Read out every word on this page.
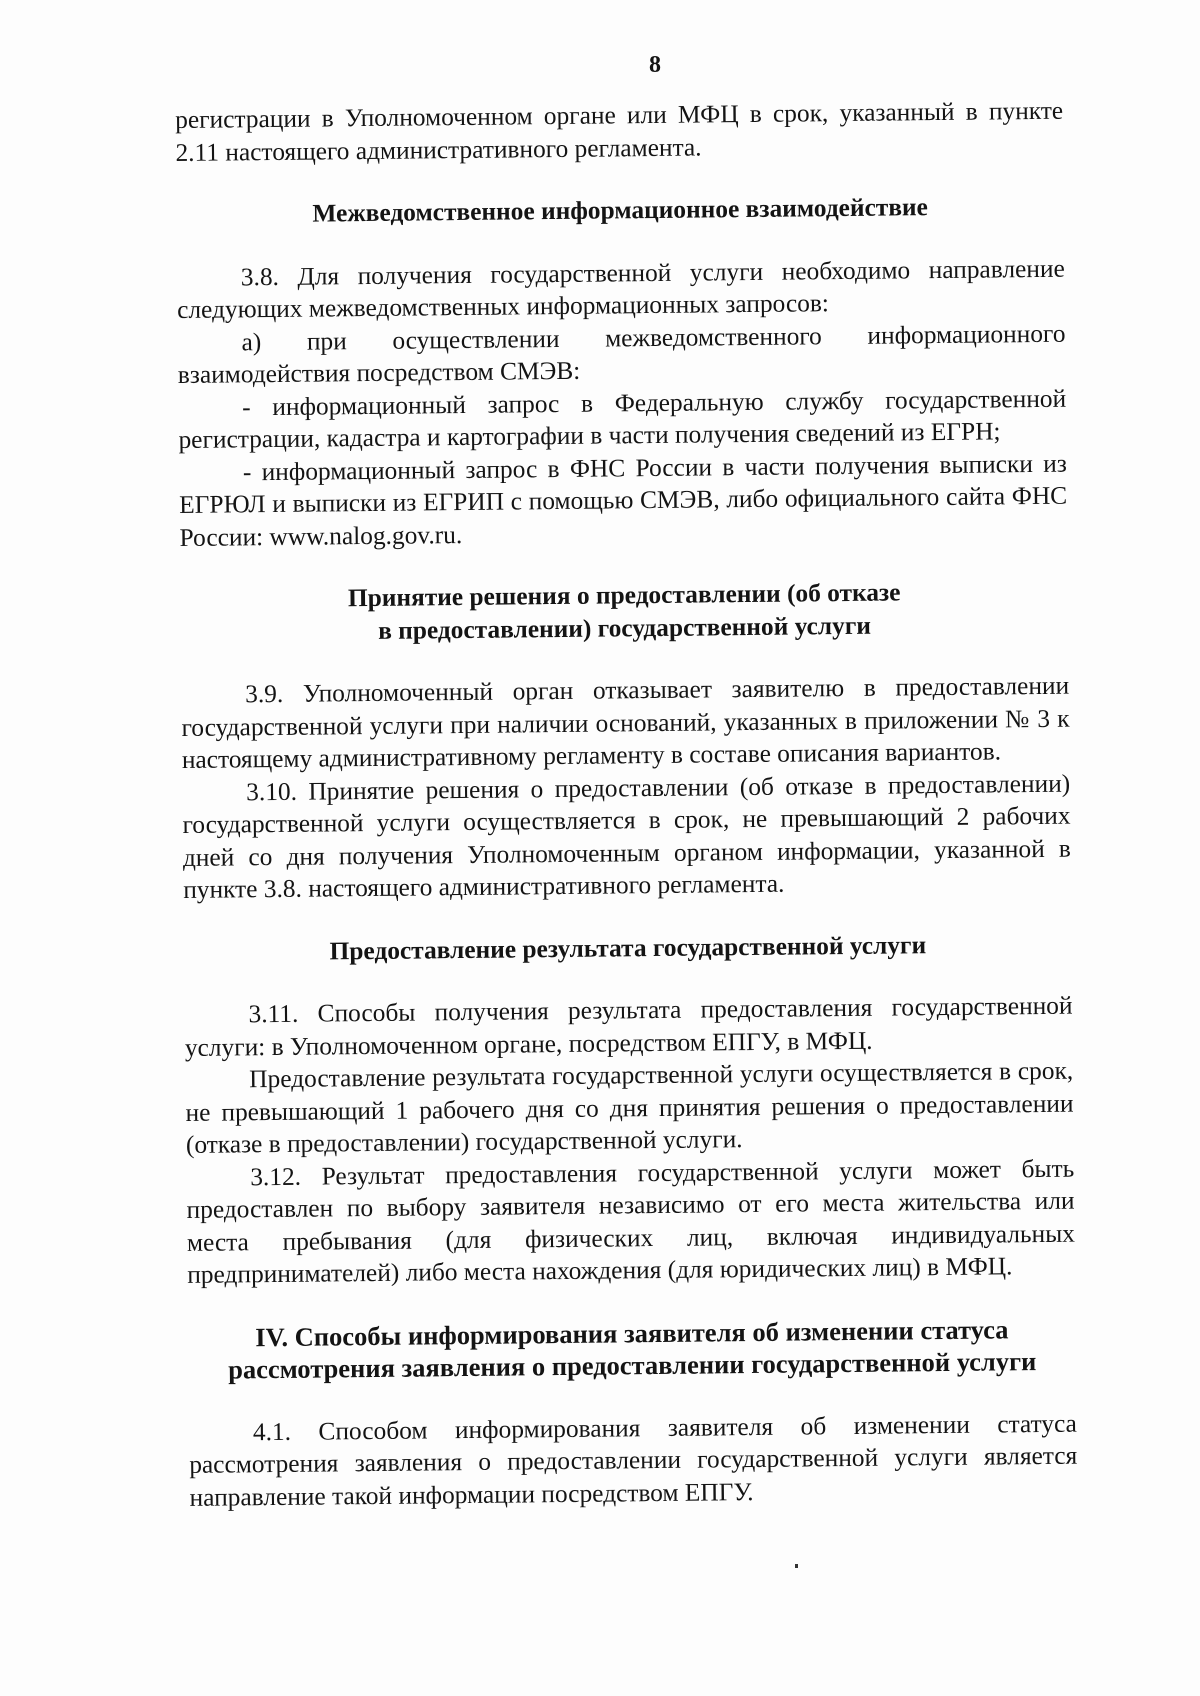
8

регистрации в Уполномоченном органе или МФЦ в срок, указанный в пункте 2.11 настоящего административного регламента.

Межведомственное информационное взаимодействие

3.8. Для получения государственной услуги необходимо направление следующих межведомственных информационных запросов:

а) при осуществлении межведомственного информационного взаимодействия посредством СМЭВ:

- информационный запрос в Федеральную службу государственной регистрации, кадастра и картографии в части получения сведений из ЕГРН;

- информационный запрос в ФНС России в части получения выписки из ЕГРЮЛ и выписки из ЕГРИП с помощью СМЭВ, либо официального сайта ФНС России: www.nalog.gov.ru.

Принятие решения о предоставлении (об отказе

в предоставлении) государственной услуги

3.9. Уполномоченный орган отказывает заявителю в предоставлении государственной услуги при наличии оснований, указанных в приложении № 3 к настоящему административному регламенту в составе описания вариантов.

3.10. Принятие решения о предоставлении (об отказе в предоставлении) государственной услуги осуществляется в срок, не превышающий 2 рабочих дней со дня получения Уполномоченным органом информации, указанной в пункте 3.8. настоящего административного регламента.

Предоставление результата государственной услуги

3.11. Способы получения результата предоставления государственной услуги: в Уполномоченном органе, посредством ЕПГУ, в МФЦ.

Предоставление результата государственной услуги осуществляется в срок, не превышающий 1 рабочего дня со дня принятия решения о предоставлении (отказе в предоставлении) государственной услуги.

3.12. Результат предоставления государственной услуги может быть предоставлен по выбору заявителя независимо от его места жительства или места пребывания (для физических лиц, включая индивидуальных предпринимателей) либо места нахождения (для юридических лиц) в МФЦ.

IV. Способы информирования заявителя об изменении статуса

рассмотрения заявления о предоставлении государственной услуги

4.1. Способом информирования заявителя об изменении статуса рассмотрения заявления о предоставлении государственной услуги является направление такой информации посредством ЕПГУ.
